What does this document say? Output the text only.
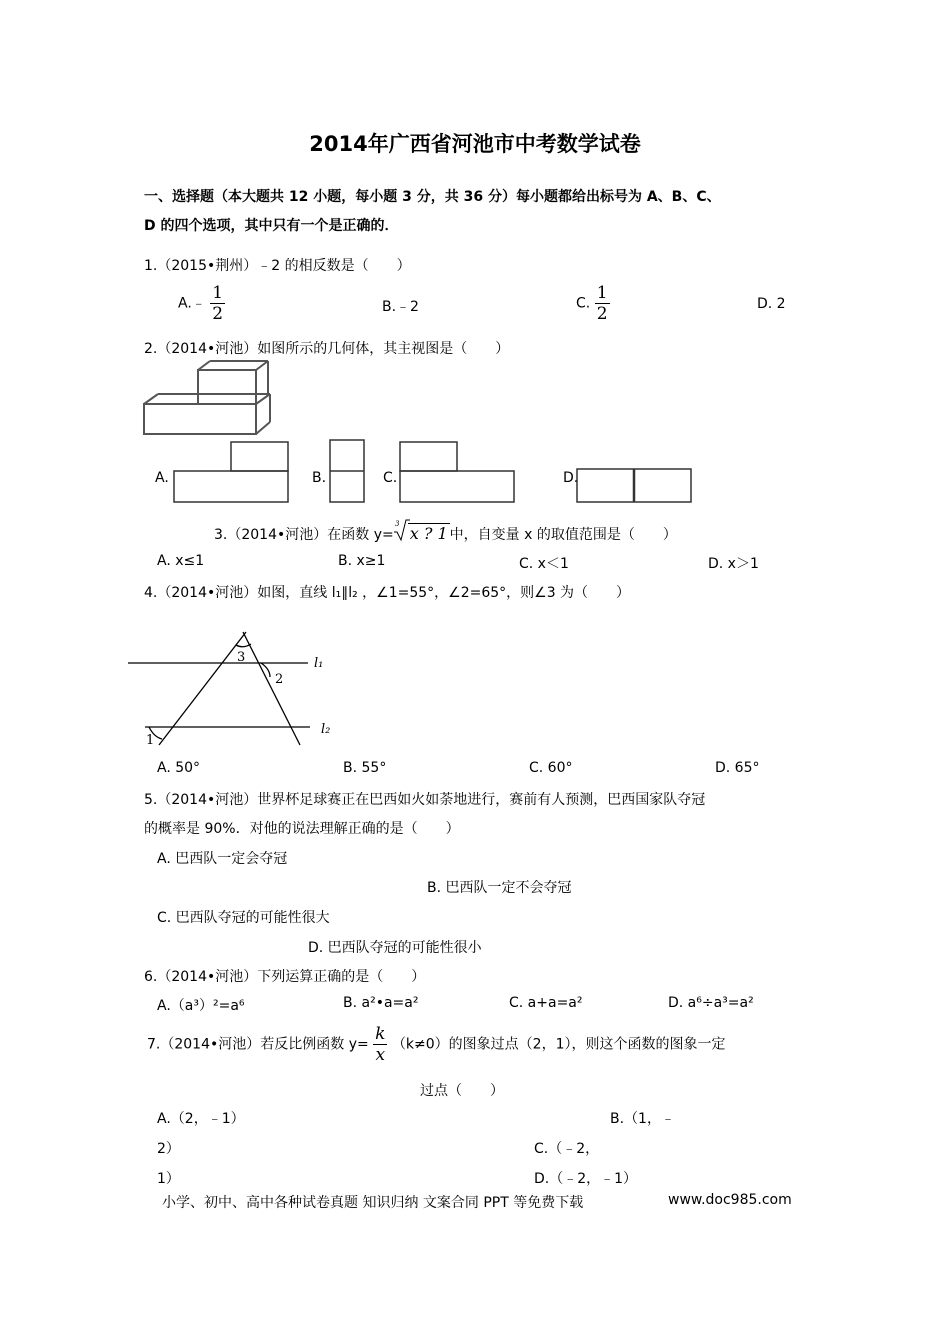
2014年广西省河池市中考数学试卷
一、选择题（本大题共 12 小题，每小题 3 分，共 36 分）每小题都给出标号为 A、B、C、
D 的四个选项，其中只有一个是正确的．
1.（2015•荆州）﹣2 的相反数是（　　）
A.﹣ $\frac{1}{2}$	B.﹣2	C. $\frac{1}{2}$	D. 2
2.（2014•河池）如图所示的几何体，其主视图是（　　）
A.	B.	C.	D.
3.（2014•河池）在函数 y=
3 x ? 1 中，自变量 x 的取值范围是（　　）
A. x≤1	B. x≥1	C. x＜1	D. x＞1
4.（2014•河池）如图，直线 l₁∥l₂ ，∠1=55°，∠2=65°，则∠3 为（　　）
3
2
1
l₁
l₂
A. 50°	B. 55°	C. 60°	D. 65°
5.（2014•河池）世界杯足球赛正在巴西如火如荼地进行，赛前有人预测，巴西国家队夺冠
的概率是 90%．对他的说法理解正确的是（　　）
A. 巴西队一定会夺冠
B. 巴西队一定不会夺冠
C. 巴西队夺冠的可能性很大
D. 巴西队夺冠的可能性很小
6.（2014•河池）下列运算正确的是（　　）
A.（a³）²=a⁶	B. a²•a=a²	C. a+a=a²	D. a⁶÷a³=a²
7.（2014•河池）若反比例函数 $y= \frac{k}{x} (k\ne 0)$的图象过点（2，1），则这个函数的图象一定
过点（　　）
A.（2，﹣1）	B.（1，﹣
2）	C.（﹣2，
1）	D.（﹣2，﹣1）
小学、初中、高中各种试卷真题 知识归纳 文案合同 PPT 等免费下载	www.doc985.com
